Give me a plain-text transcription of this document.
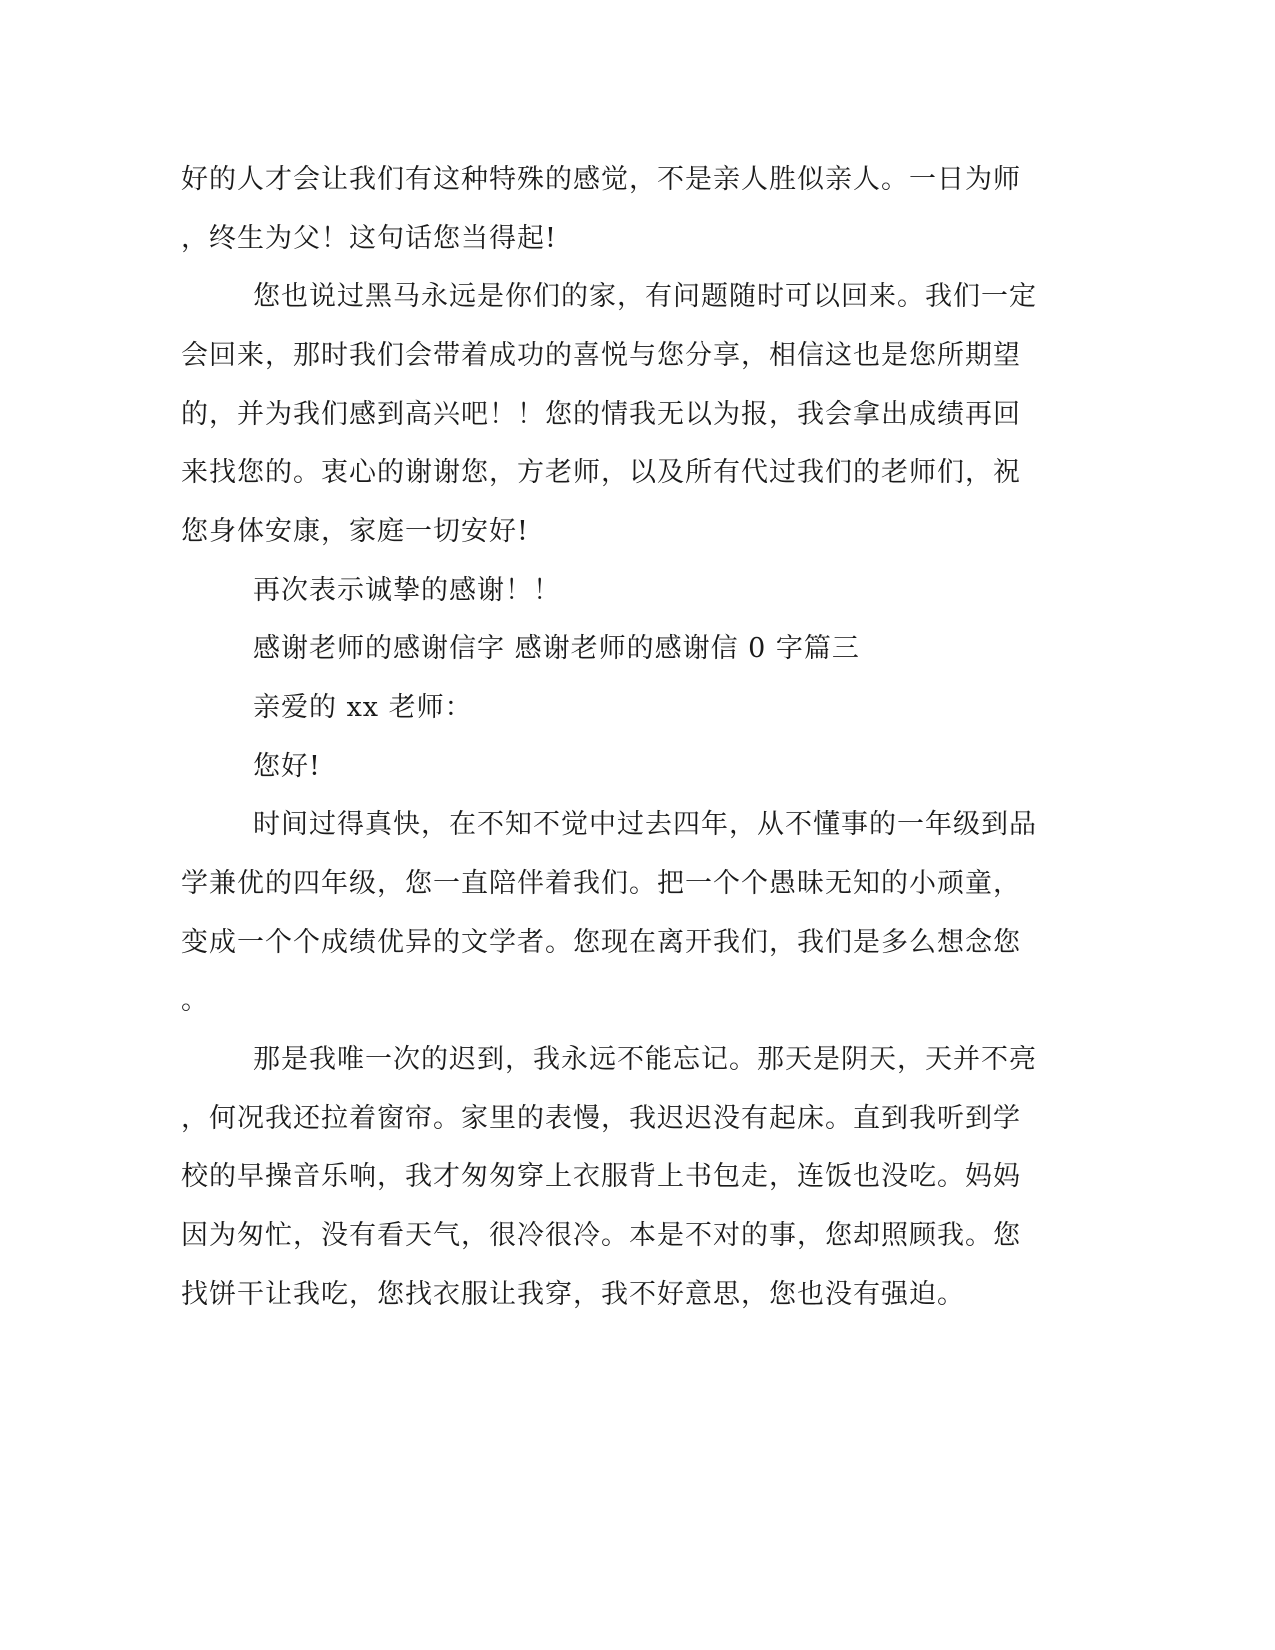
好的人才会让我们有这种特殊的感觉，不是亲人胜似亲人。一日为师

，终生为父！这句话您当得起!

您也说过黑马永远是你们的家，有问题随时可以回来。我们一定

会回来，那时我们会带着成功的喜悦与您分享，相信这也是您所期望

的，并为我们感到高兴吧！！您的情我无以为报，我会拿出成绩再回

来找您的。衷心的谢谢您，方老师，以及所有代过我们的老师们，祝

您身体安康，家庭一切安好!

再次表示诚挚的感谢！！

感谢老师的感谢信字 感谢老师的感谢信 0 字篇三

亲爱的 xx 老师：

您好!

时间过得真快，在不知不觉中过去四年，从不懂事的一年级到品

学兼优的四年级，您一直陪伴着我们。把一个个愚昧无知的小顽童，

变成一个个成绩优异的文学者。您现在离开我们，我们是多么想念您

。

那是我唯一次的迟到，我永远不能忘记。那天是阴天，天并不亮

，何况我还拉着窗帘。家里的表慢，我迟迟没有起床。直到我听到学

校的早操音乐响，我才匆匆穿上衣服背上书包走，连饭也没吃。妈妈

因为匆忙，没有看天气，很冷很冷。本是不对的事，您却照顾我。您

找饼干让我吃，您找衣服让我穿，我不好意思，您也没有强迫。
